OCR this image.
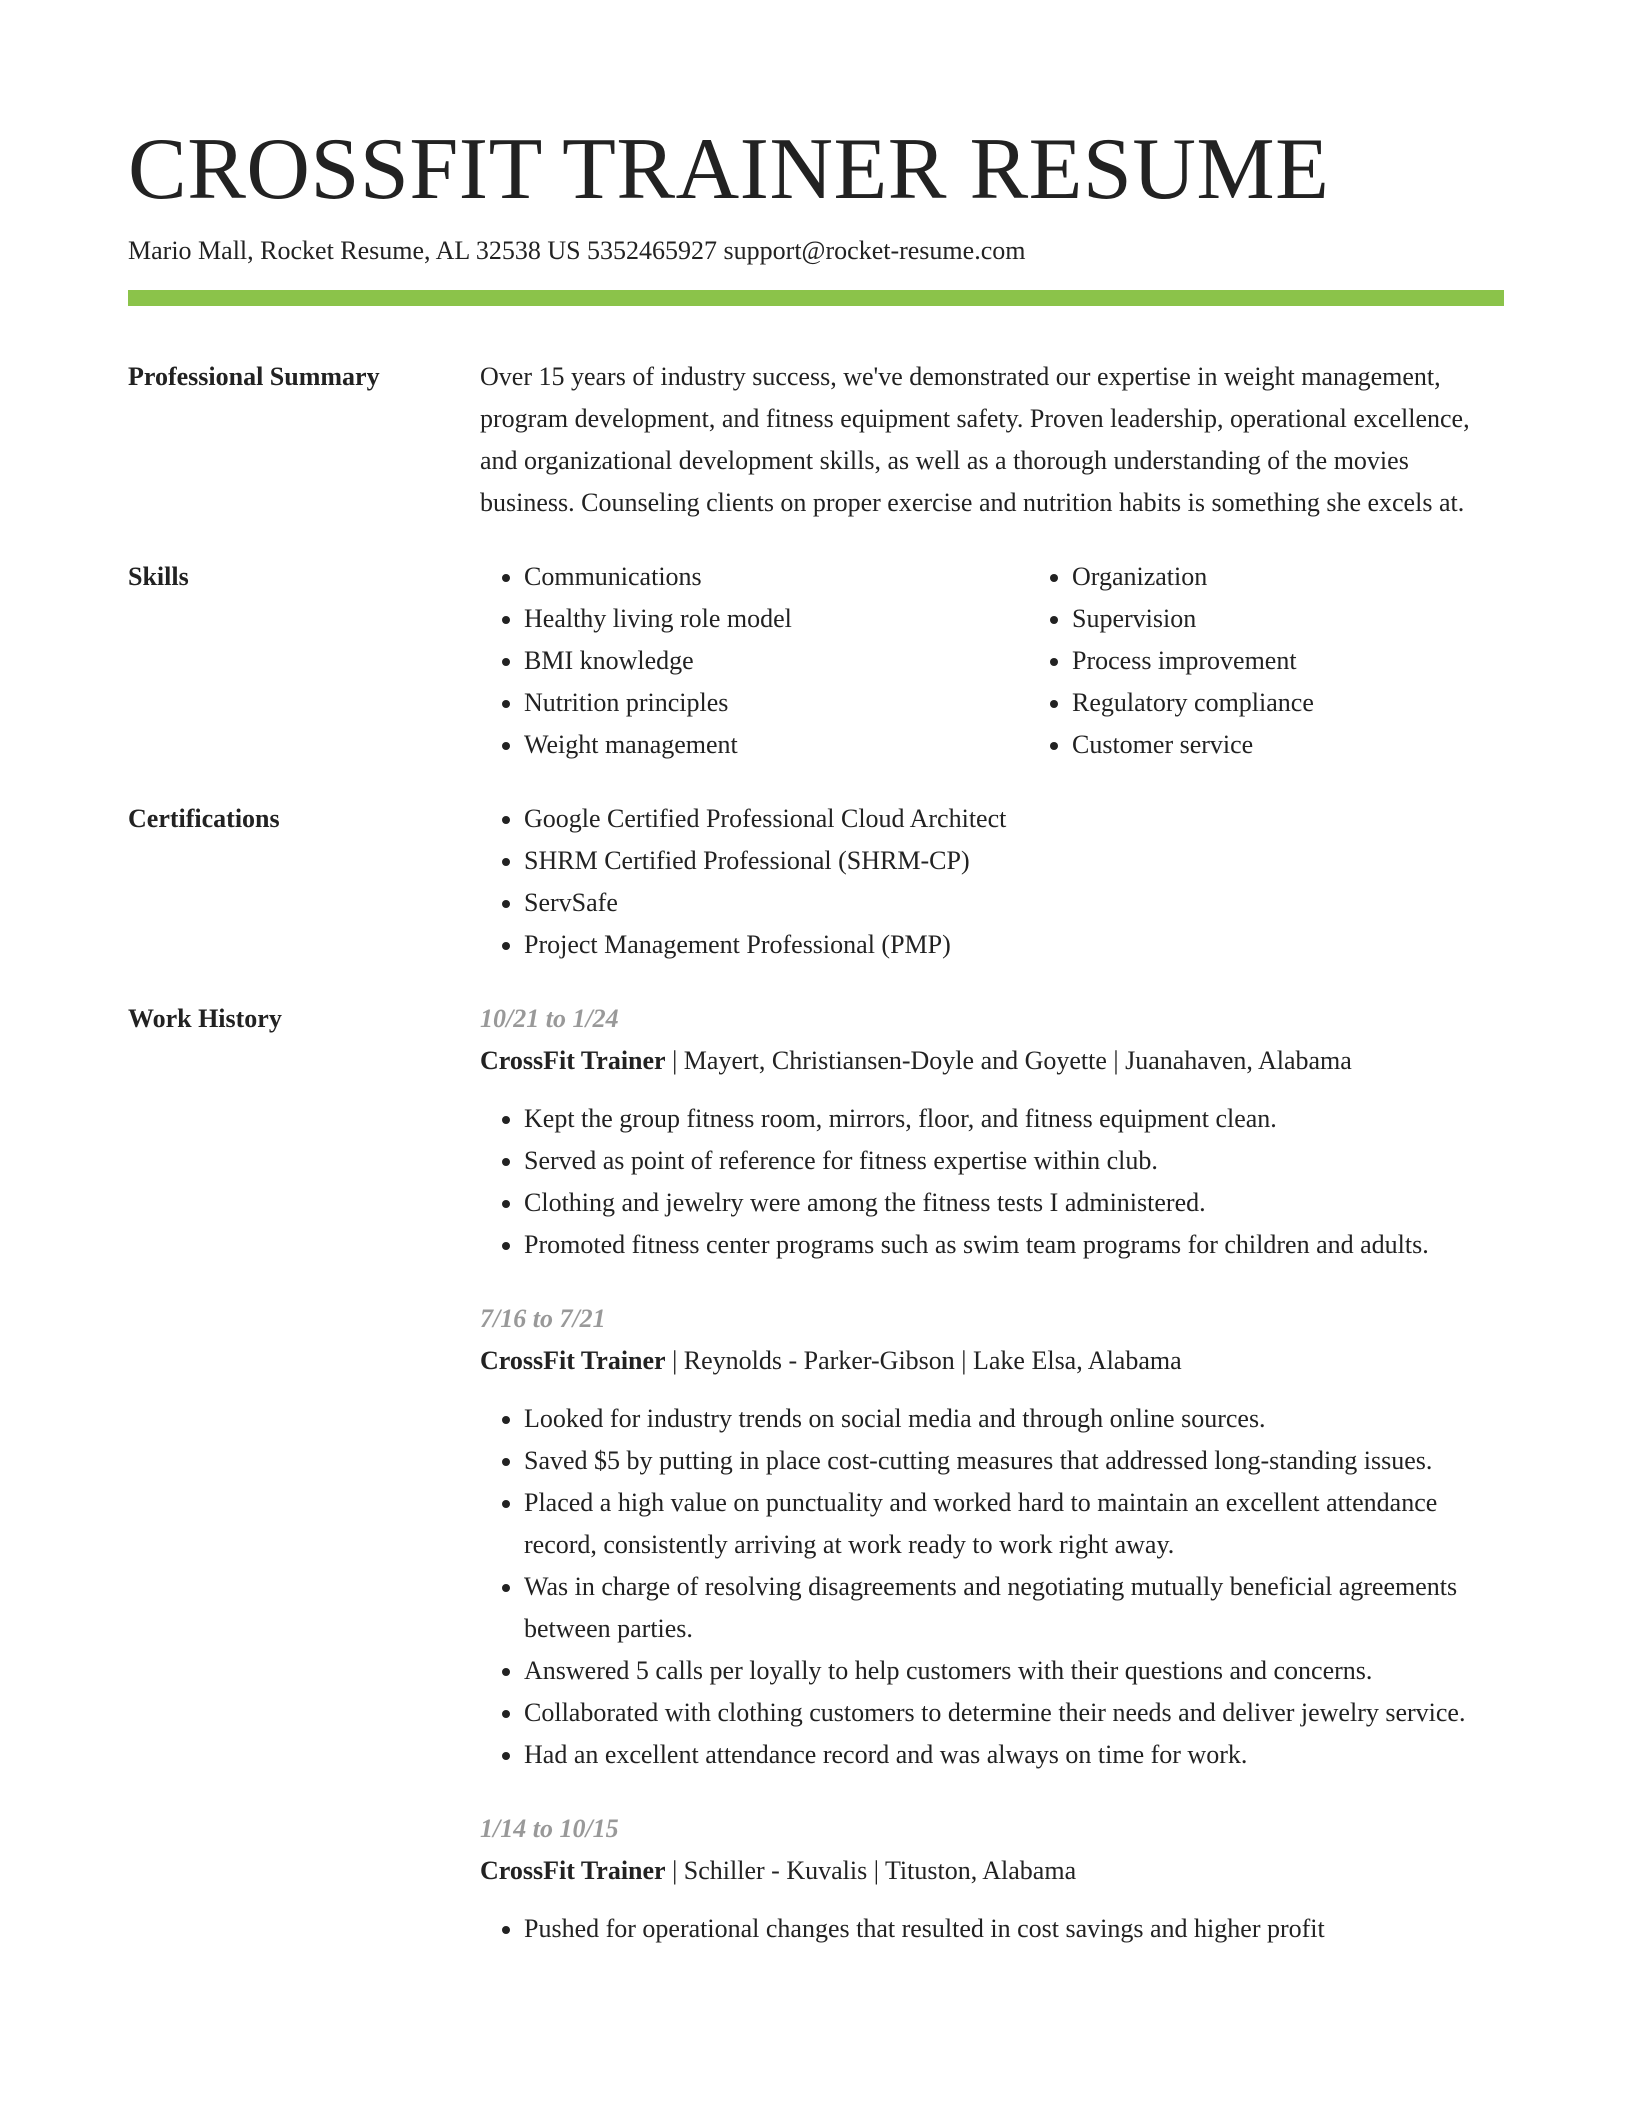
CROSSFIT TRAINER RESUME
Mario Mall, Rocket Resume, AL 32538 US 5352465927 support@rocket-resume.com
Professional Summary	Over 15 years of industry success, we've demonstrated our expertise in weight management, program development, and fitness equipment safety. Proven leadership, operational excellence, and organizational development skills, as well as a thorough understanding of the movies business. Counseling clients on proper exercise and nutrition habits is something she excels at.
Skills	• Communications
• Healthy living role model
• BMI knowledge
• Nutrition principles
• Weight management
• Organization
• Supervision
• Process improvement
• Regulatory compliance
• Customer service
Certifications	• Google Certified Professional Cloud Architect
• SHRM Certified Professional (SHRM-CP)
• ServSafe
• Project Management Professional (PMP)
Work History	10/21 to 1/24
CrossFit Trainer | Mayert, Christiansen-Doyle and Goyette | Juanahaven, Alabama
• Kept the group fitness room, mirrors, floor, and fitness equipment clean.
• Served as point of reference for fitness expertise within club.
• Clothing and jewelry were among the fitness tests I administered.
• Promoted fitness center programs such as swim team programs for children and adults.
7/16 to 7/21
CrossFit Trainer | Reynolds - Parker-Gibson | Lake Elsa, Alabama
• Looked for industry trends on social media and through online sources.
• Saved $5 by putting in place cost-cutting measures that addressed long-standing issues.
• Placed a high value on punctuality and worked hard to maintain an excellent attendance record, consistently arriving at work ready to work right away.
• Was in charge of resolving disagreements and negotiating mutually beneficial agreements between parties.
• Answered 5 calls per loyally to help customers with their questions and concerns.
• Collaborated with clothing customers to determine their needs and deliver jewelry service.
• Had an excellent attendance record and was always on time for work.
1/14 to 10/15
CrossFit Trainer | Schiller - Kuvalis | Tituston, Alabama
• Pushed for operational changes that resulted in cost savings and higher profit
